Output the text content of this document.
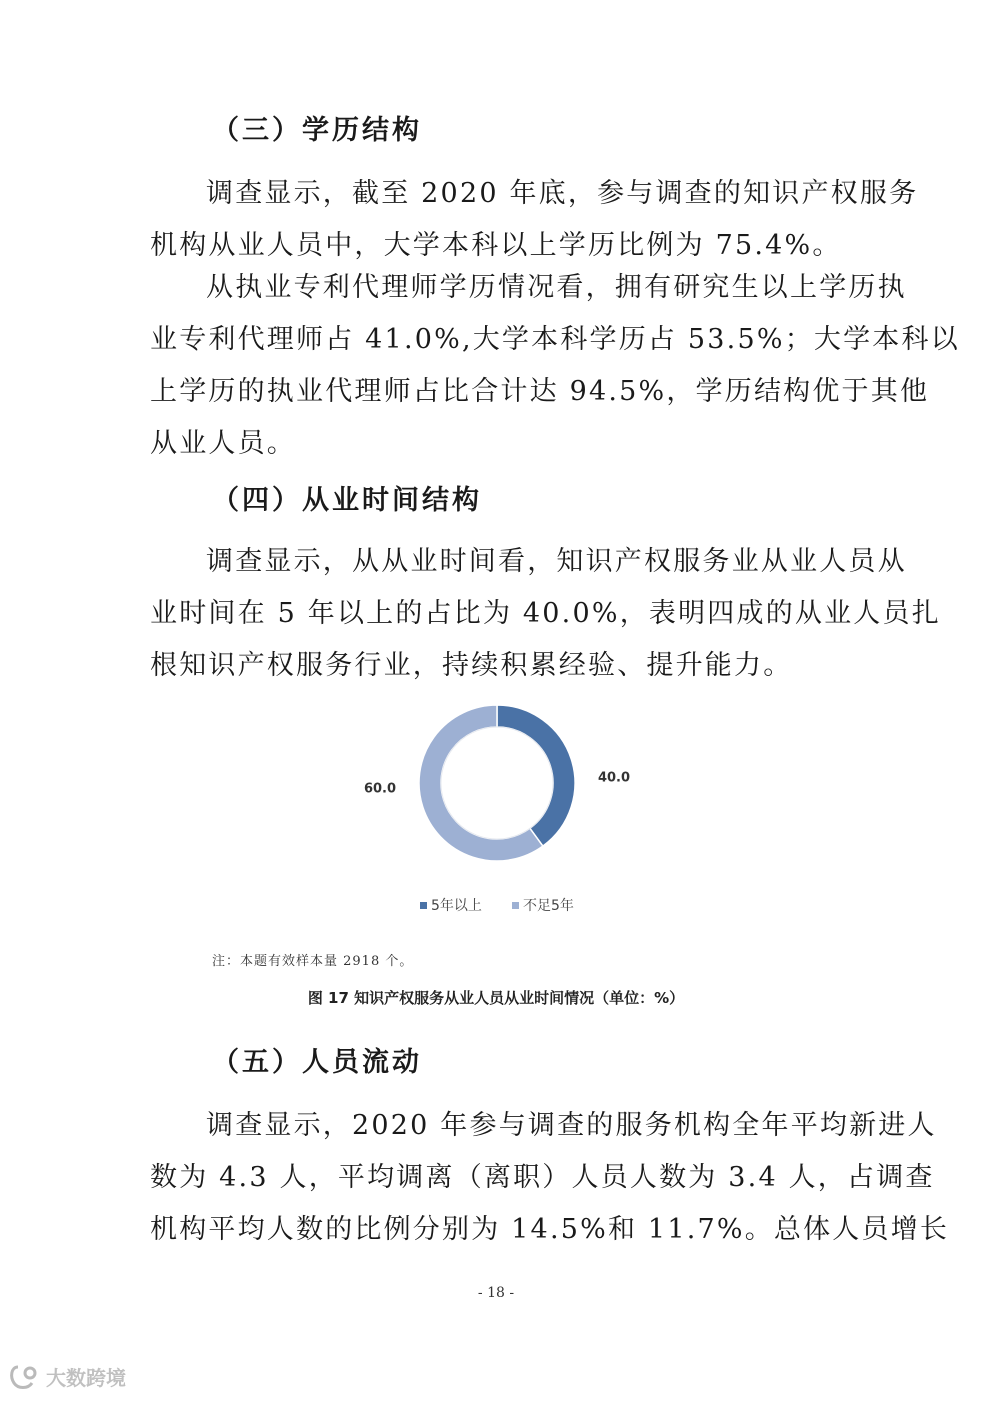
（三）学历结构

调查显示，截至 2020 年底，参与调查的知识产权服务
机构从业人员中，大学本科以上学历比例为 75.4%。

从执业专利代理师学历情况看，拥有研究生以上学历执
业专利代理师占 41.0%,大学本科学历占 53.5%；大学本科以
上学历的执业代理师占比合计达 94.5%，学历结构优于其他
从业人员。

（四）从业时间结构

调查显示，从从业时间看，知识产权服务业从业人员从
业时间在 5 年以上的占比为 40.0%，表明四成的从业人员扎
根知识产权服务行业，持续积累经验、提升能力。

40.0
60.0
5年以上	不足5年

注：本题有效样本量 2918 个。

图 17 知识产权服务从业人员从业时间情况（单位：%）

（五）人员流动

调查显示，2020 年参与调查的服务机构全年平均新进人
数为 4.3 人，平均调离（离职）人员人数为 3.4 人，占调查
机构平均人数的比例分别为 14.5%和 11.7%。总体人员增长

- 18 -

大数跨境
